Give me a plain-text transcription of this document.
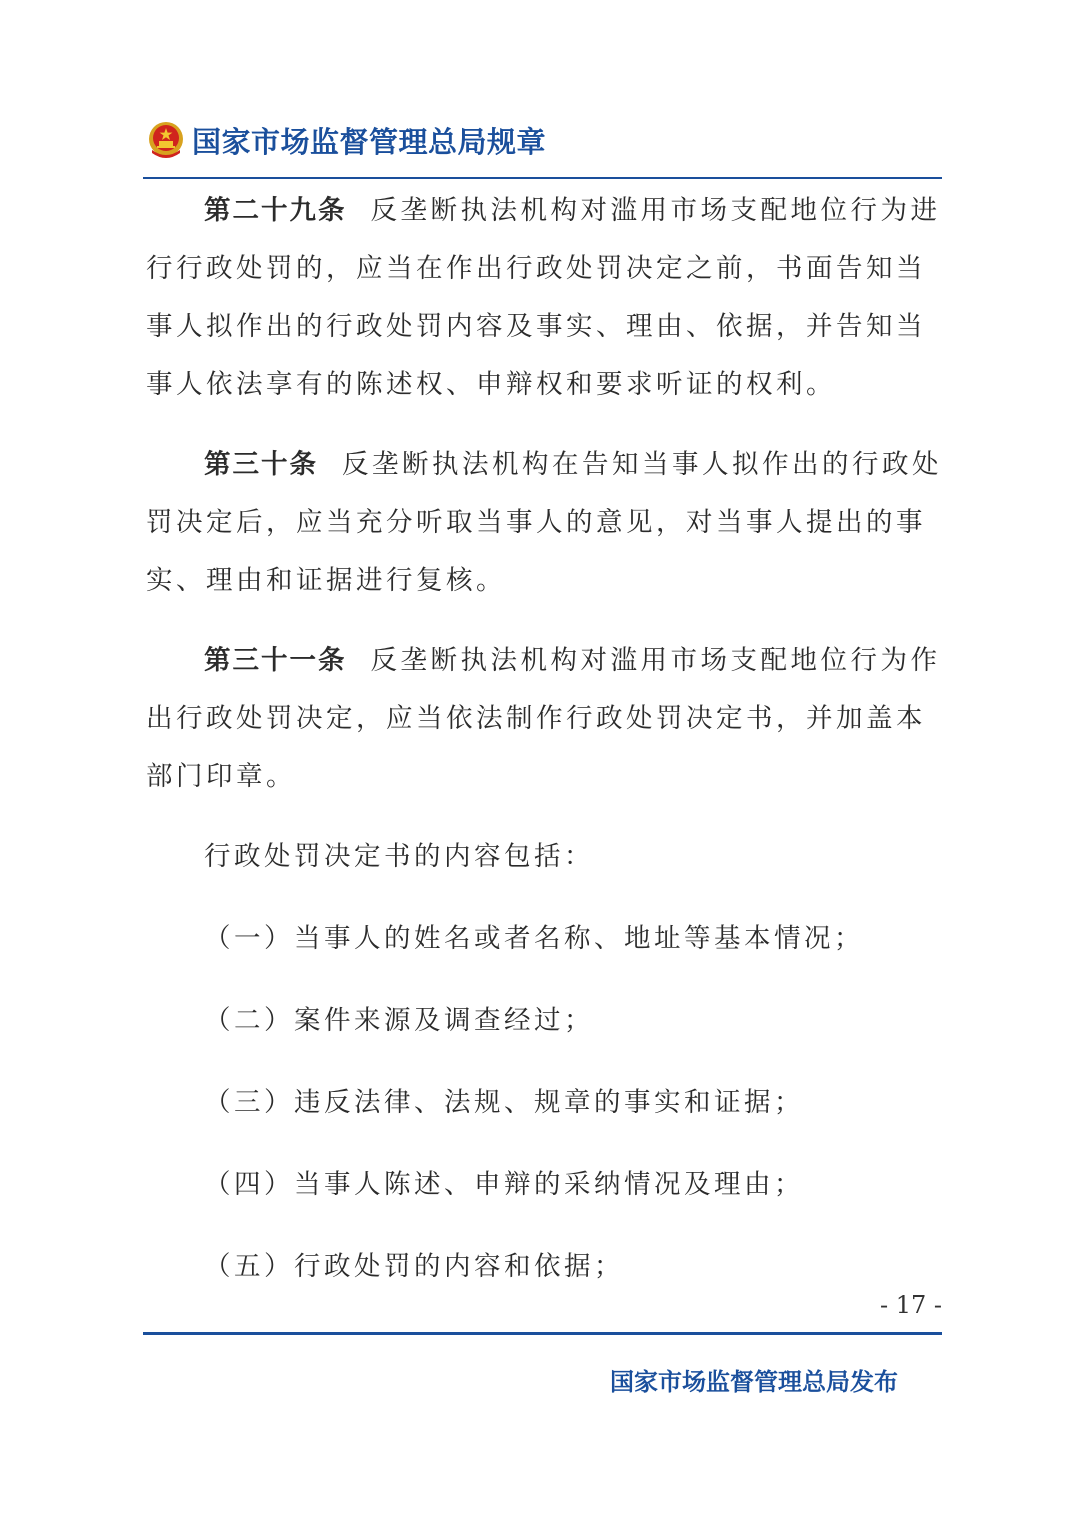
国家市场监督管理总局规章

第二十九条 反垄断执法机构对滥用市场支配地位行为进行行政处罚的，应当在作出行政处罚决定之前，书面告知当事人拟作出的行政处罚内容及事实、理由、依据，并告知当事人依法享有的陈述权、申辩权和要求听证的权利。

第三十条 反垄断执法机构在告知当事人拟作出的行政处罚决定后，应当充分听取当事人的意见，对当事人提出的事实、理由和证据进行复核。

第三十一条 反垄断执法机构对滥用市场支配地位行为作出行政处罚决定，应当依法制作行政处罚决定书，并加盖本部门印章。

行政处罚决定书的内容包括：

（一）当事人的姓名或者名称、地址等基本情况；

（二）案件来源及调查经过；

（三）违反法律、法规、规章的事实和证据；

（四）当事人陈述、申辩的采纳情况及理由；

（五）行政处罚的内容和依据；

- 17 -
国家市场监督管理总局发布
